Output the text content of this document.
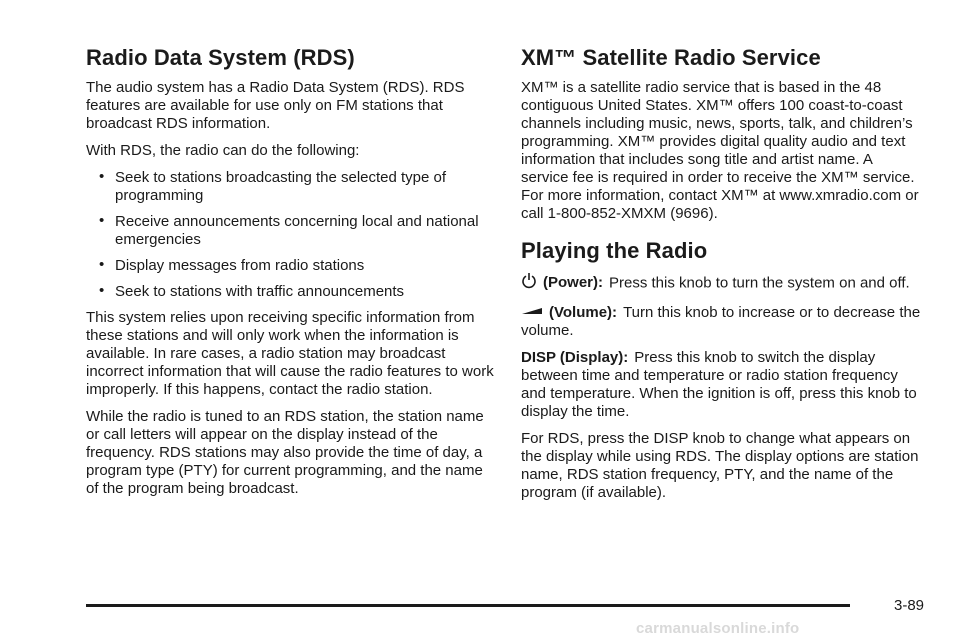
Radio Data System (RDS)

The audio system has a Radio Data System (RDS). RDS features are available for use only on FM stations that broadcast RDS information.

With RDS, the radio can do the following:

• Seek to stations broadcasting the selected type of programming
• Receive announcements concerning local and national emergencies
• Display messages from radio stations
• Seek to stations with traffic announcements

This system relies upon receiving specific information from these stations and will only work when the information is available. In rare cases, a radio station may broadcast incorrect information that will cause the radio features to work improperly. If this happens, contact the radio station.

While the radio is tuned to an RDS station, the station name or call letters will appear on the display instead of the frequency. RDS stations may also provide the time of day, a program type (PTY) for current programming, and the name of the program being broadcast.

XM™ Satellite Radio Service

XM™ is a satellite radio service that is based in the 48 contiguous United States. XM™ offers 100 coast-to-coast channels including music, news, sports, talk, and children’s programming. XM™ provides digital quality audio and text information that includes song title and artist name. A service fee is required in order to receive the XM™ service. For more information, contact XM™ at www.xmradio.com or call 1-800-852-XMXM (9696).

Playing the Radio

(Power): Press this knob to turn the system on and off.

(Volume): Turn this knob to increase or to decrease the volume.

DISP (Display): Press this knob to switch the display between time and temperature or radio station frequency and temperature. When the ignition is off, press this knob to display the time.

For RDS, press the DISP knob to change what appears on the display while using RDS. The display options are station name, RDS station frequency, PTY, and the name of the program (if available).

3-89
carmanualsonline.info
